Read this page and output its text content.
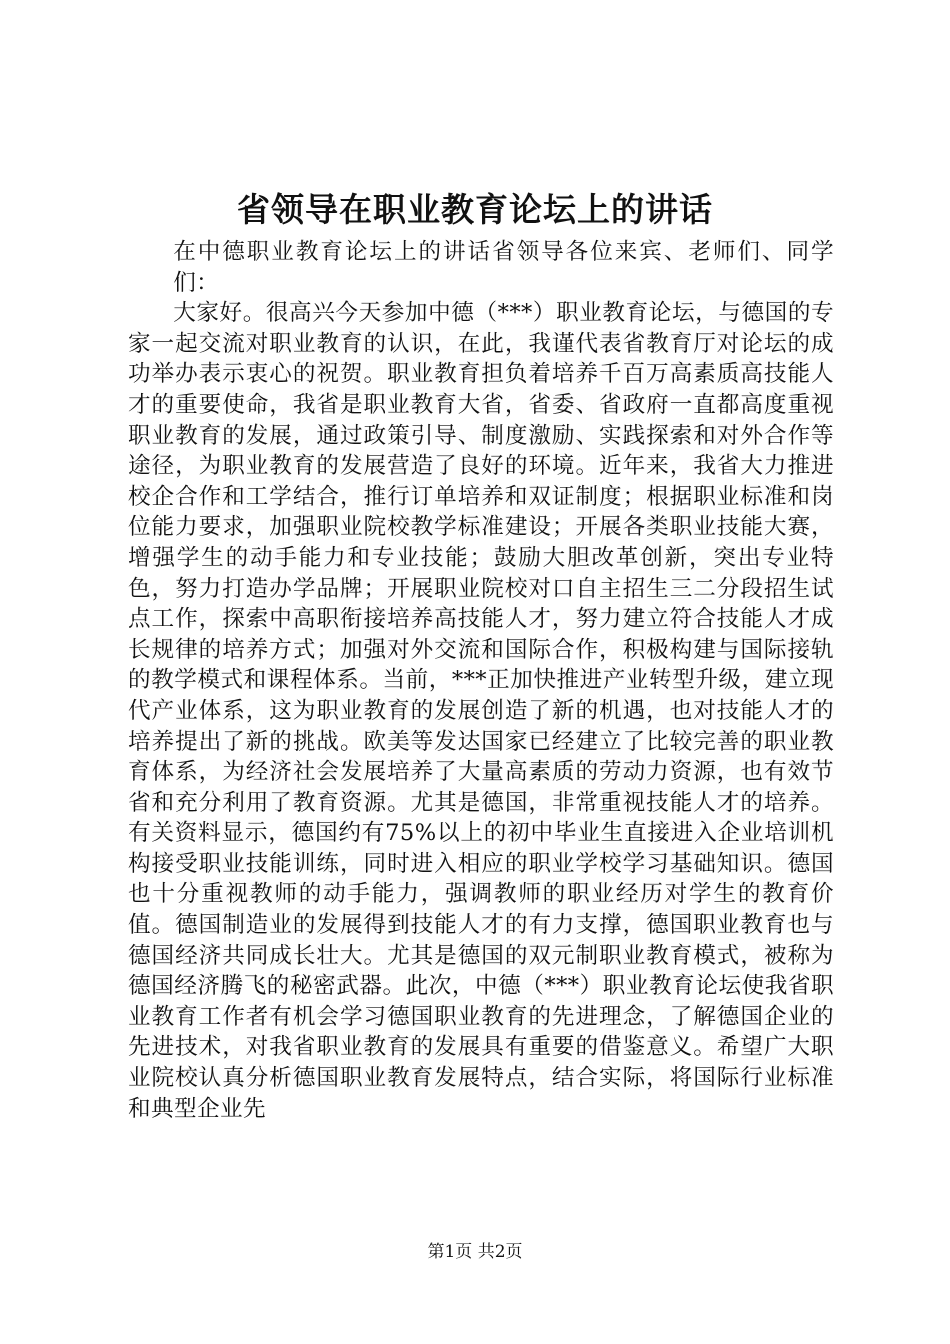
省领导在职业教育论坛上的讲话

在中德职业教育论坛上的讲话省领导各位来宾、老师们、同学们：

大家好。很高兴今天参加中德（***）职业教育论坛，与德国的专家一起交流对职业教育的认识，在此，我谨代表省教育厅对论坛的成功举办表示衷心的祝贺。职业教育担负着培养千百万高素质高技能人才的重要使命，我省是职业教育大省，省委、省政府一直都高度重视职业教育的发展，通过政策引导、制度激励、实践探索和对外合作等途径，为职业教育的发展营造了良好的环境。近年来，我省大力推进校企合作和工学结合，推行订单培养和双证制度；根据职业标准和岗位能力要求，加强职业院校教学标准建设；开展各类职业技能大赛，增强学生的动手能力和专业技能；鼓励大胆改革创新，突出专业特色，努力打造办学品牌；开展职业院校对口自主招生三二分段招生试点工作，探索中高职衔接培养高技能人才，努力建立符合技能人才成长规律的培养方式；加强对外交流和国际合作，积极构建与国际接轨的教学模式和课程体系。当前，***正加快推进产业转型升级，建立现代产业体系，这为职业教育的发展创造了新的机遇，也对技能人才的培养提出了新的挑战。欧美等发达国家已经建立了比较完善的职业教育体系，为经济社会发展培养了大量高素质的劳动力资源，也有效节省和充分利用了教育资源。尤其是德国，非常重视技能人才的培养。有关资料显示，德国约有75%以上的初中毕业生直接进入企业培训机构接受职业技能训练，同时进入相应的职业学校学习基础知识。德国也十分重视教师的动手能力，强调教师的职业经历对学生的教育价值。德国制造业的发展得到技能人才的有力支撑，德国职业教育也与德国经济共同成长壮大。尤其是德国的双元制职业教育模式，被称为德国经济腾飞的秘密武器。此次，中德（***）职业教育论坛使我省职业教育工作者有机会学习德国职业教育的先进理念，了解德国企业的先进技术，对我省职业教育的发展具有重要的借鉴意义。希望广大职业院校认真分析德国职业教育发展特点，结合实际，将国际行业标准和典型企业先

第1页 共2页
